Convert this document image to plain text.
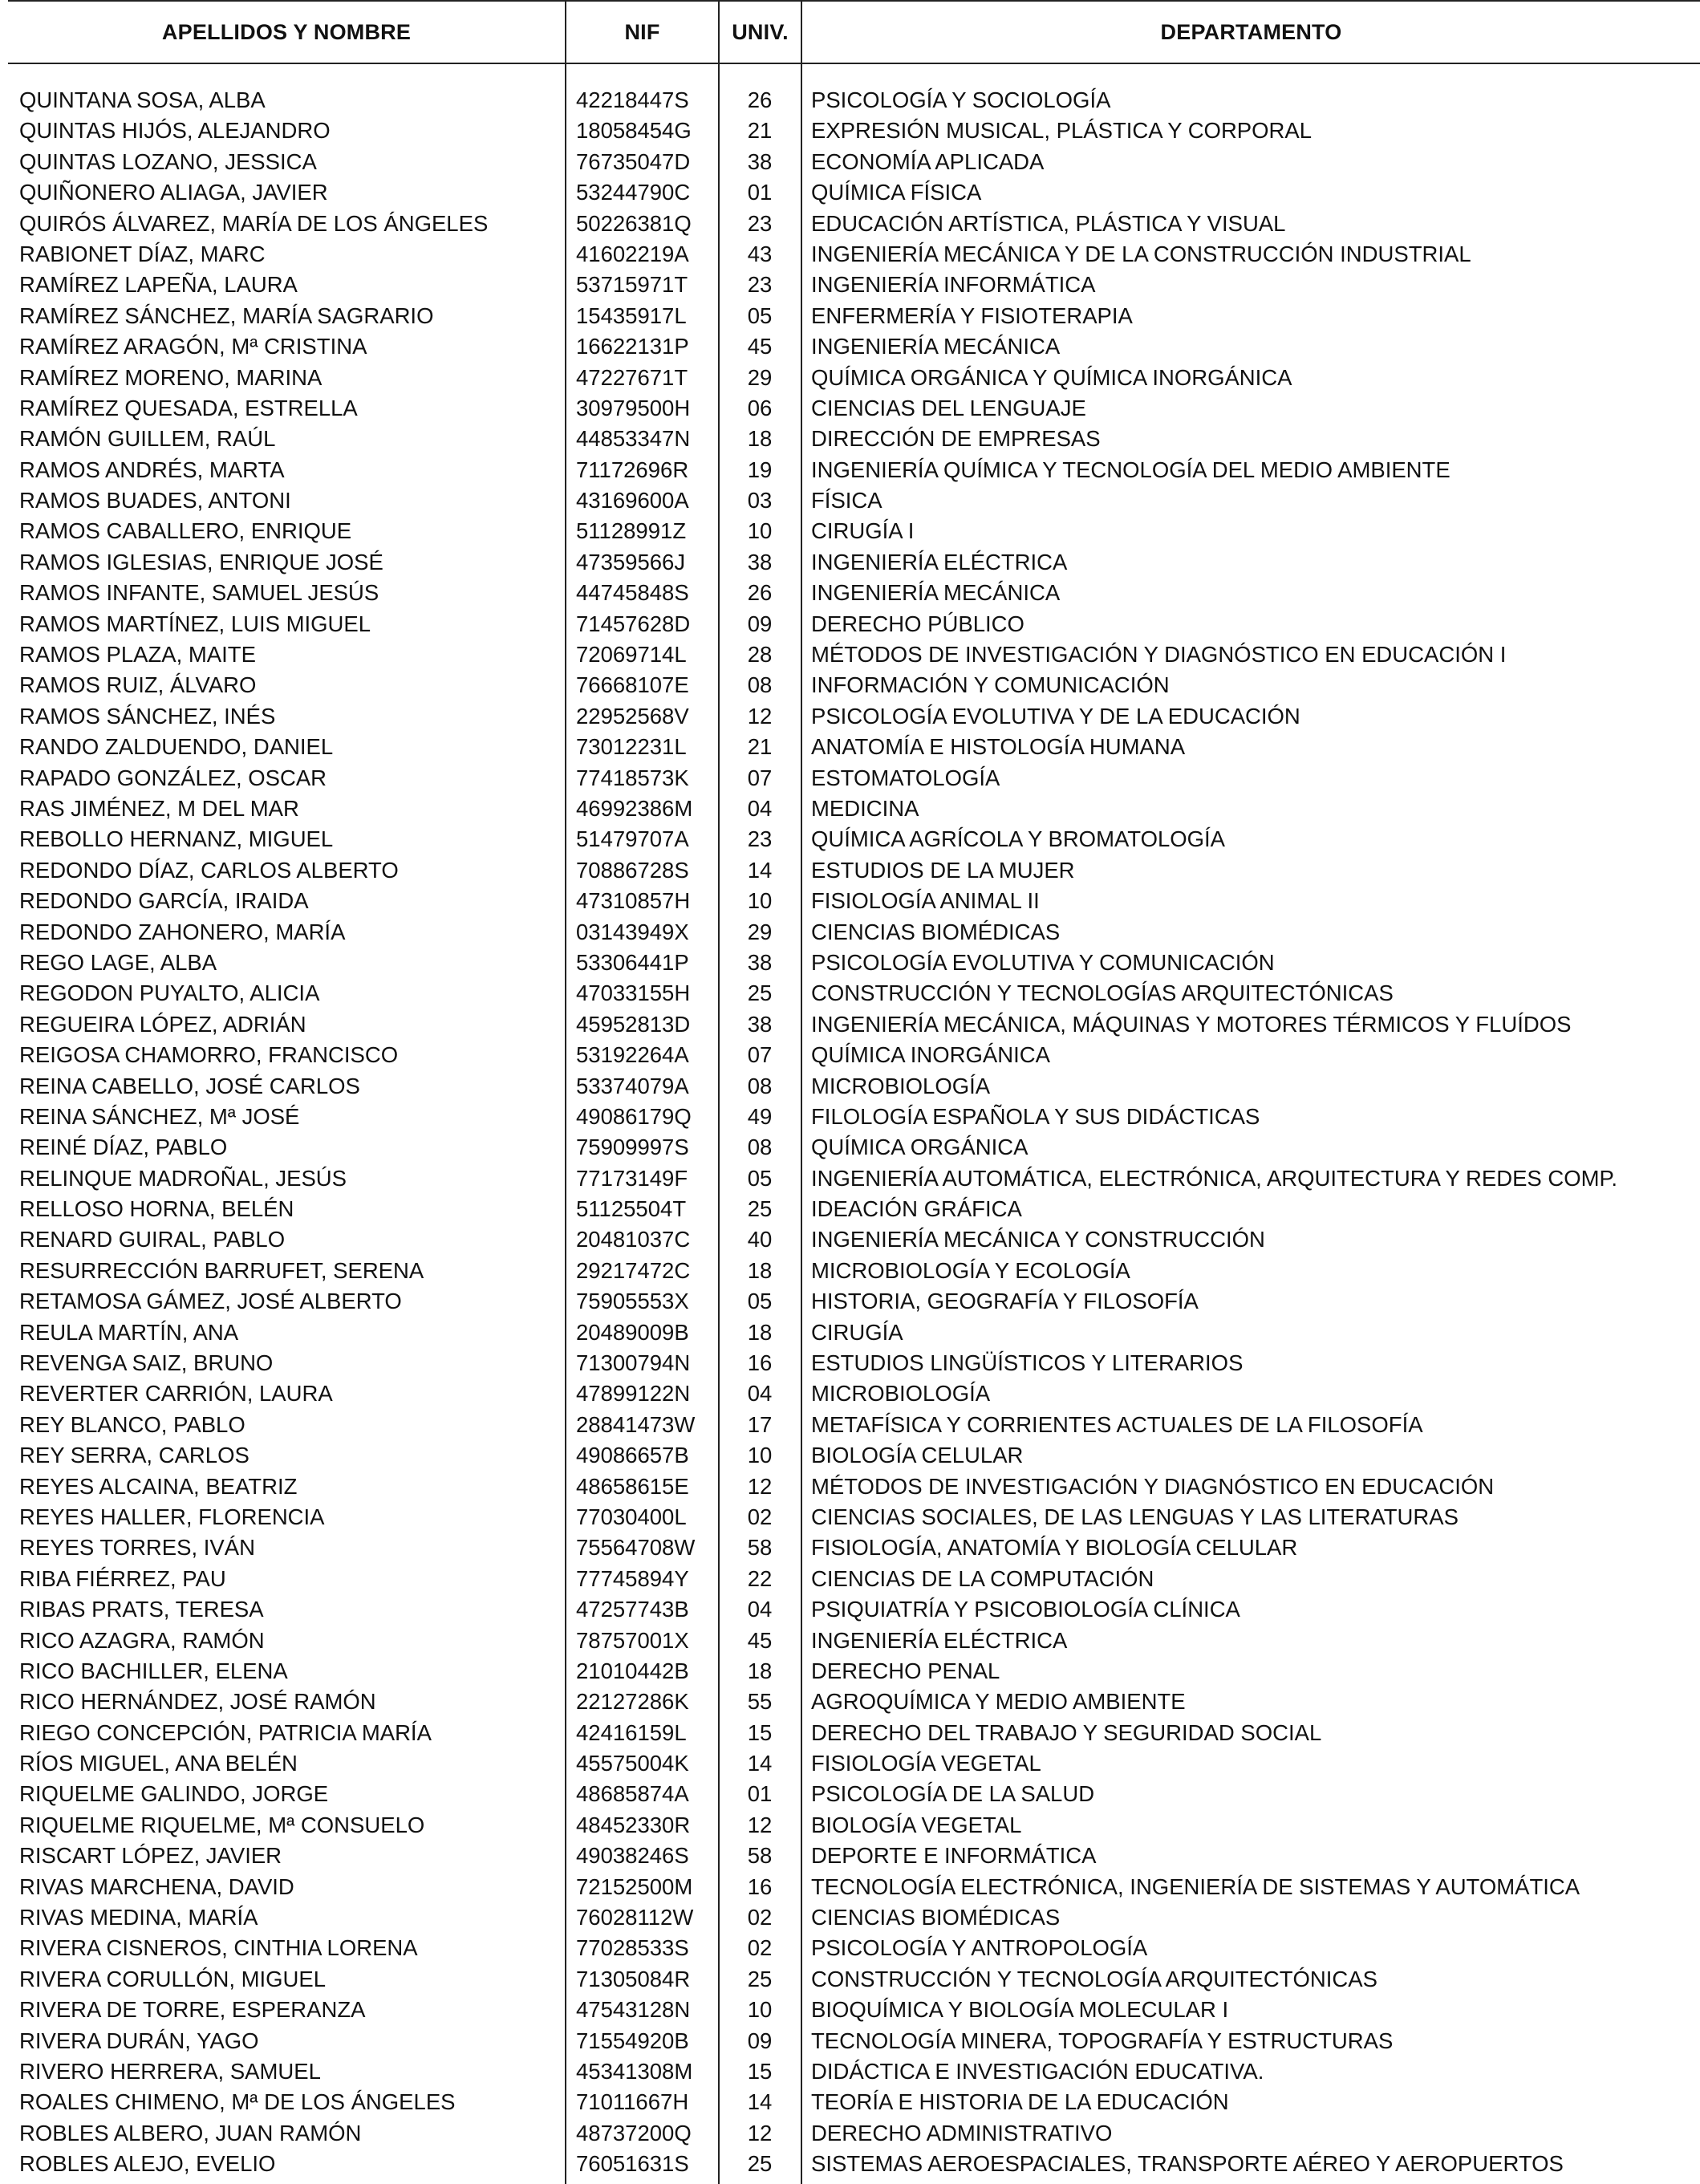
APELLIDOS Y NOMBRE	NIF	UNIV.	DEPARTAMENTO
QUINTANA SOSA, ALBA	42218447S	26	PSICOLOGÍA Y SOCIOLOGÍA
QUINTAS HIJÓS, ALEJANDRO	18058454G	21	EXPRESIÓN MUSICAL, PLÁSTICA Y CORPORAL
QUINTAS LOZANO, JESSICA	76735047D	38	ECONOMÍA APLICADA
QUIÑONERO ALIAGA, JAVIER	53244790C	01	QUÍMICA FÍSICA
QUIRÓS ÁLVAREZ, MARÍA DE LOS ÁNGELES	50226381Q	23	EDUCACIÓN ARTÍSTICA, PLÁSTICA Y VISUAL
RABIONET DÍAZ, MARC	41602219A	43	INGENIERÍA MECÁNICA Y DE LA CONSTRUCCIÓN INDUSTRIAL
RAMÍREZ LAPEÑA, LAURA	53715971T	23	INGENIERÍA INFORMÁTICA
RAMÍREZ SÁNCHEZ, MARÍA SAGRARIO	15435917L	05	ENFERMERÍA Y FISIOTERAPIA
RAMÍREZ ARAGÓN, Mª CRISTINA	16622131P	45	INGENIERÍA MECÁNICA
RAMÍREZ MORENO, MARINA	47227671T	29	QUÍMICA ORGÁNICA Y QUÍMICA INORGÁNICA
RAMÍREZ QUESADA, ESTRELLA	30979500H	06	CIENCIAS DEL LENGUAJE
RAMÓN GUILLEM, RAÚL	44853347N	18	DIRECCIÓN DE EMPRESAS
RAMOS ANDRÉS, MARTA	71172696R	19	INGENIERÍA QUÍMICA Y TECNOLOGÍA DEL MEDIO AMBIENTE
RAMOS BUADES, ANTONI	43169600A	03	FÍSICA
RAMOS CABALLERO, ENRIQUE	51128991Z	10	CIRUGÍA I
RAMOS IGLESIAS, ENRIQUE JOSÉ	47359566J	38	INGENIERÍA ELÉCTRICA
RAMOS INFANTE, SAMUEL JESÚS	44745848S	26	INGENIERÍA MECÁNICA
RAMOS MARTÍNEZ, LUIS MIGUEL	71457628D	09	DERECHO PÚBLICO
RAMOS PLAZA, MAITE	72069714L	28	MÉTODOS DE INVESTIGACIÓN Y DIAGNÓSTICO EN EDUCACIÓN I
RAMOS RUIZ, ÁLVARO	76668107E	08	INFORMACIÓN Y COMUNICACIÓN
RAMOS SÁNCHEZ, INÉS	22952568V	12	PSICOLOGÍA EVOLUTIVA Y DE LA EDUCACIÓN
RANDO ZALDUENDO, DANIEL	73012231L	21	ANATOMÍA E HISTOLOGÍA HUMANA
RAPADO GONZÁLEZ, OSCAR	77418573K	07	ESTOMATOLOGÍA
RAS JIMÉNEZ, M DEL MAR	46992386M	04	MEDICINA
REBOLLO HERNANZ, MIGUEL	51479707A	23	QUÍMICA AGRÍCOLA Y BROMATOLOGÍA
REDONDO DÍAZ, CARLOS ALBERTO	70886728S	14	ESTUDIOS DE LA MUJER
REDONDO GARCÍA, IRAIDA	47310857H	10	FISIOLOGÍA ANIMAL II
REDONDO ZAHONERO, MARÍA	03143949X	29	CIENCIAS BIOMÉDICAS
REGO LAGE, ALBA	53306441P	38	PSICOLOGÍA EVOLUTIVA Y COMUNICACIÓN
REGODON PUYALTO, ALICIA	47033155H	25	CONSTRUCCIÓN Y TECNOLOGÍAS ARQUITECTÓNICAS
REGUEIRA LÓPEZ, ADRIÁN	45952813D	38	INGENIERÍA MECÁNICA, MÁQUINAS Y MOTORES TÉRMICOS Y FLUÍDOS
REIGOSA CHAMORRO, FRANCISCO	53192264A	07	QUÍMICA INORGÁNICA
REINA CABELLO, JOSÉ CARLOS	53374079A	08	MICROBIOLOGÍA
REINA SÁNCHEZ, Mª JOSÉ	49086179Q	49	FILOLOGÍA ESPAÑOLA Y SUS DIDÁCTICAS
REINÉ DÍAZ, PABLO	75909997S	08	QUÍMICA ORGÁNICA
RELINQUE MADROÑAL, JESÚS	77173149F	05	INGENIERÍA AUTOMÁTICA, ELECTRÓNICA, ARQUITECTURA Y REDES COMP.
RELLOSO HORNA, BELÉN	51125504T	25	IDEACIÓN GRÁFICA
RENARD GUIRAL, PABLO	20481037C	40	INGENIERÍA MECÁNICA Y CONSTRUCCIÓN
RESURRECCIÓN BARRUFET, SERENA	29217472C	18	MICROBIOLOGÍA Y ECOLOGÍA
RETAMOSA GÁMEZ, JOSÉ ALBERTO	75905553X	05	HISTORIA, GEOGRAFÍA Y FILOSOFÍA
REULA MARTÍN, ANA	20489009B	18	CIRUGÍA
REVENGA SAIZ, BRUNO	71300794N	16	ESTUDIOS LINGÜÍSTICOS Y LITERARIOS
REVERTER CARRIÓN, LAURA	47899122N	04	MICROBIOLOGÍA
REY BLANCO, PABLO	28841473W	17	METAFÍSICA Y CORRIENTES ACTUALES DE LA FILOSOFÍA
REY SERRA, CARLOS	49086657B	10	BIOLOGÍA CELULAR
REYES ALCAINA, BEATRIZ	48658615E	12	MÉTODOS DE INVESTIGACIÓN Y DIAGNÓSTICO EN EDUCACIÓN
REYES HALLER, FLORENCIA	77030400L	02	CIENCIAS SOCIALES, DE LAS LENGUAS Y LAS LITERATURAS
REYES TORRES, IVÁN	75564708W	58	FISIOLOGÍA, ANATOMÍA Y BIOLOGÍA CELULAR
RIBA FIÉRREZ, PAU	77745894Y	22	CIENCIAS DE LA COMPUTACIÓN
RIBAS PRATS, TERESA	47257743B	04	PSIQUIATRÍA Y PSICOBIOLOGÍA CLÍNICA
RICO AZAGRA, RAMÓN	78757001X	45	INGENIERÍA ELÉCTRICA
RICO BACHILLER, ELENA	21010442B	18	DERECHO PENAL
RICO HERNÁNDEZ, JOSÉ RAMÓN	22127286K	55	AGROQUÍMICA Y MEDIO AMBIENTE
RIEGO CONCEPCIÓN, PATRICIA MARÍA	42416159L	15	DERECHO DEL TRABAJO Y SEGURIDAD SOCIAL
RÍOS MIGUEL, ANA BELÉN	45575004K	14	FISIOLOGÍA VEGETAL
RIQUELME GALINDO, JORGE	48685874A	01	PSICOLOGÍA DE LA SALUD
RIQUELME RIQUELME, Mª CONSUELO	48452330R	12	BIOLOGÍA VEGETAL
RISCART LÓPEZ, JAVIER	49038246S	58	DEPORTE E INFORMÁTICA
RIVAS MARCHENA, DAVID	72152500M	16	TECNOLOGÍA ELECTRÓNICA, INGENIERÍA DE SISTEMAS Y AUTOMÁTICA
RIVAS MEDINA, MARÍA	76028112W	02	CIENCIAS BIOMÉDICAS
RIVERA CISNEROS, CINTHIA LORENA	77028533S	02	PSICOLOGÍA Y ANTROPOLOGÍA
RIVERA CORULLÓN, MIGUEL	71305084R	25	CONSTRUCCIÓN Y TECNOLOGÍA ARQUITECTÓNICAS
RIVERA DE TORRE, ESPERANZA	47543128N	10	BIOQUÍMICA Y BIOLOGÍA MOLECULAR I
RIVERA DURÁN, YAGO	71554920B	09	TECNOLOGÍA MINERA, TOPOGRAFÍA Y ESTRUCTURAS
RIVERO HERRERA, SAMUEL	45341308M	15	DIDÁCTICA E INVESTIGACIÓN EDUCATIVA.
ROALES CHIMENO, Mª DE LOS ÁNGELES	71011667H	14	TEORÍA E HISTORIA DE LA EDUCACIÓN
ROBLES ALBERO, JUAN RAMÓN	48737200Q	12	DERECHO ADMINISTRATIVO
ROBLES ALEJO, EVELIO	76051631S	25	SISTEMAS AEROESPACIALES, TRANSPORTE AÉREO Y AEROPUERTOS
